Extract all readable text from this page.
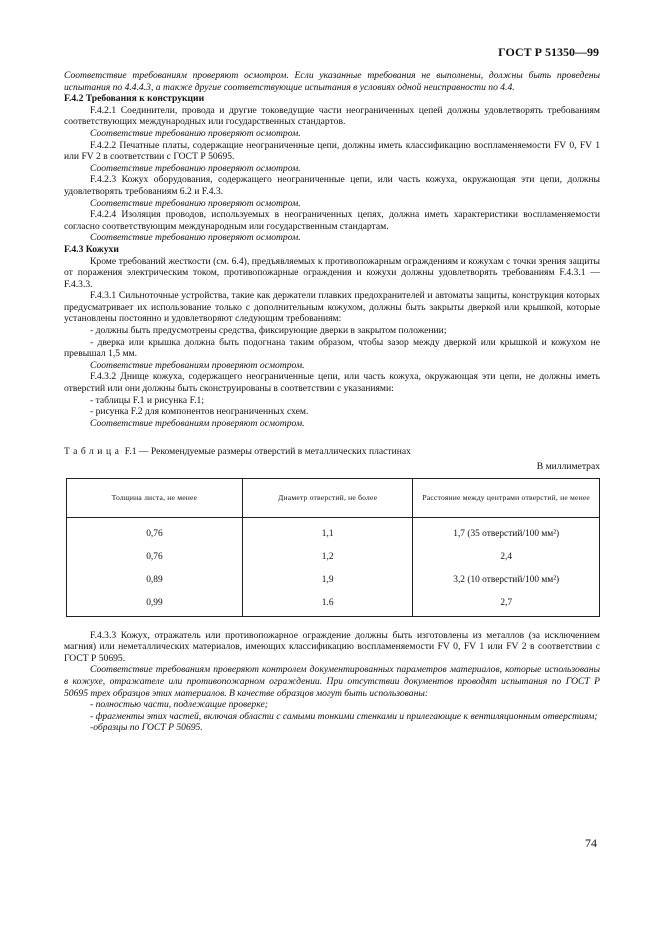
ГОСТ Р 51350—99

Соответствие требованиям проверяют осмотром. Если указанные требования не выполнены, должны быть проведены испытания по 4.4.4.3, а также другие соответствующие испытания в условиях одной неисправности по 4.4.

F.4.2 Требования к конструкции

F.4.2.1 Соединители, провода и другие токоведущие части неограниченных цепей должны удовлетворять требованиям соответствующих международных или государственных стандартов.

Соответствие требованию проверяют осмотром.

F.4.2.2 Печатные платы, содержащие неограниченные цепи, должны иметь классификацию воспламеняемости FV 0, FV 1 или FV 2 в соответствии с ГОСТ Р 50695.

Соответствие требованию проверяют осмотром.

F.4.2.3 Кожух оборудования, содержащего неограниченные цепи, или часть кожуха, окружающая эти цепи, должны удовлетворять требованиям 6.2 и F.4.3.

Соответствие требованию проверяют осмотром.

F.4.2.4 Изоляция проводов, используемых в неограниченных цепях, должна иметь характеристики воспламеняемости согласно соответствующим международным или государственным стандартам.

Соответствие требованию проверяют осмотром.

F.4.3 Кожухи

Кроме требований жесткости (см. 6.4), предъявляемых к противопожарным ограждениям и кожухам с точки зрения защиты от поражения электрическим током, противопожарные ограждения и кожухи должны удовлетворять требованиям F.4.3.1 — F.4.3.3.

F.4.3.1 Сильноточные устройства, такие как держатели плавких предохранителей и автоматы защиты, конструкция которых предусматривает их использование только с дополнительным кожухом, должны быть закрыты дверкой или крышкой, которые установлены постоянно и удовлетворяют следующим требованиям:

- должны быть предусмотрены средства, фиксирующие дверки в закрытом положении;

- дверка или крышка должна быть подогнана таким образом, чтобы зазор между дверкой или крышкой и кожухом не превышал 1,5 мм.

Соответствие требованиям проверяют осмотром.

F.4.3.2 Днище кожуха, содержащего неограниченные цепи, или часть кожуха, окружающая эти цепи, не должны иметь отверстий или они должны быть сконструированы в соответствии с указаниями:

- таблицы F.1 и рисунка F.1;

- рисунка F.2 для компонентов неограниченных схем.

Соответствие требованиям проверяют осмотром.

Таблица F.1 — Рекомендуемые размеры отверстий в металлических пластинах

В миллиметрах

Толщина листа, не менее	Диаметр отверстий, не более	Расстояние между центрами отверстий, не менее
0,76	1,1	1,7 (35 отверстий/100 мм²)
0,76	1,2	2,4
0,89	1,9	3,2 (10 отверстий/100 мм²)
0,99	1.6	2,7

F.4.3.3 Кожух, отражатель или противопожарное ограждение должны быть изготовлены из металлов (за исключением магния) или неметаллических материалов, имеющих классификацию воспламеняемости FV 0, FV 1 или FV 2 в соответствии с ГОСТ Р 50695.

Соответствие требованиям проверяют контролем документированных параметров материалов, которые использованы в кожухе, отражателе или противопожарном ограждении. При отсутствии документов проводят испытания по ГОСТ Р 50695 трех образцов этих материалов. В качестве образцов могут быть использованы:

- полностью части, подлежащие проверке;

- фрагменты этих частей, включая области с самыми тонкими стенками и прилегающие к вентиляционным отверстиям;

-образцы по ГОСТ Р 50695.

74
